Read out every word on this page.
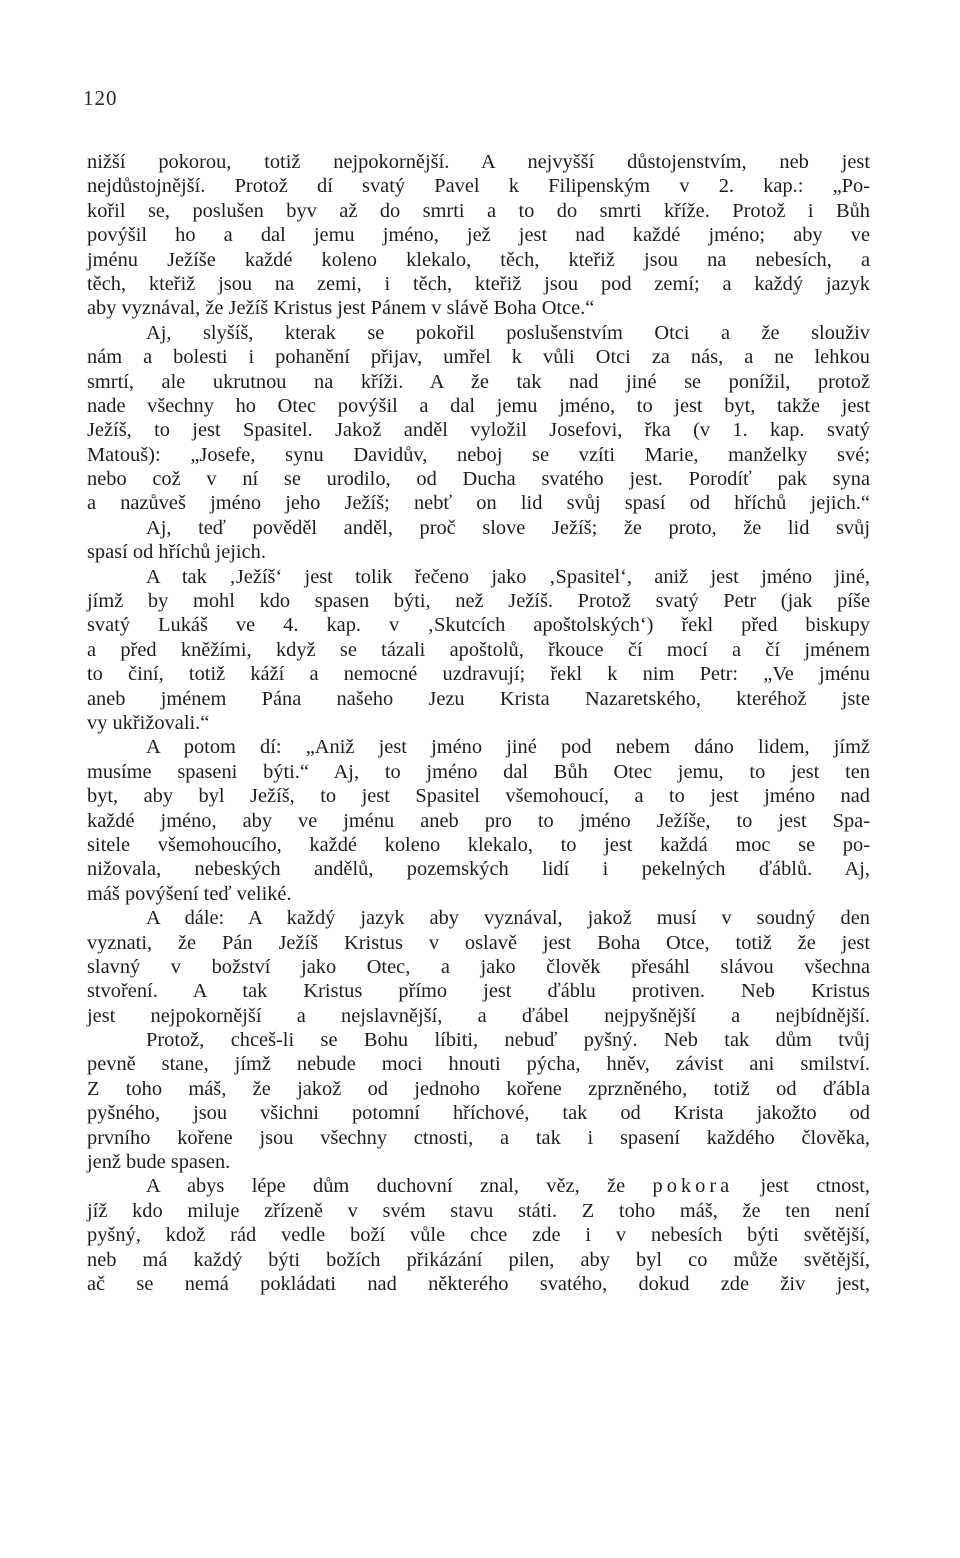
120
nižší pokorou, totiž nejpokornější. A nejvyšší důstojenstvím, neb jest
nejdůstojnější. Protož dí svatý Pavel k Filipenským v 2. kap.: „Po-
kořil se, poslušen byv až do smrti a to do smrti kříže. Protož i Bůh
povýšil ho a dal jemu jméno, jež jest nad každé jméno; aby ve
jménu Ježíše každé koleno klekalo, těch, kteřiž jsou na nebesích, a
těch, kteřiž jsou na zemi, i těch, kteřiž jsou pod zemí; a každý jazyk
aby vyznával, že Ježíš Kristus jest Pánem v slávě Boha Otce.“
Aj, slyšíš, kterak se pokořil poslušenstvím Otci a že slouživ
nám a bolesti i pohanění přijav, umřel k vůli Otci za nás, a ne lehkou
smrtí, ale ukrutnou na kříži. A že tak nad jiné se ponížil, protož
nade všechny ho Otec povýšil a dal jemu jméno, to jest byt, takže jest
Ježíš, to jest Spasitel. Jakož anděl vyložil Josefovi, řka (v 1. kap. svatý
Matouš): „Josefe, synu Davidův, neboj se vzíti Marie, manželky své;
nebo což v ní se urodilo, od Ducha svatého jest. Porodíť pak syna
a nazůveš jméno jeho Ježíš; nebť on lid svůj spasí od hříchů jejich.“
Aj, teď pověděl anděl, proč slove Ježíš; že proto, že lid svůj
spasí od hříchů jejich.
A tak ‚Ježíš‘ jest tolik řečeno jako ‚Spasitel‘, aniž jest jméno jiné,
jímž by mohl kdo spasen býti, než Ježíš. Protož svatý Petr (jak píše
svatý Lukáš ve 4. kap. v ‚Skutcích apoštolských‘) řekl před biskupy
a před kněžími, když se tázali apoštolů, řkouce čí mocí a čí jménem
to činí, totiž káží a nemocné uzdravují; řekl k nim Petr: „Ve jménu
aneb jménem Pána našeho Jezu Krista Nazaretského, kteréhož jste
vy ukřižovali.“
A potom dí: „Aniž jest jméno jiné pod nebem dáno lidem, jímž
musíme spaseni býti.“ Aj, to jméno dal Bůh Otec jemu, to jest ten
byt, aby byl Ježíš, to jest Spasitel všemohoucí, a to jest jméno nad
každé jméno, aby ve jménu aneb pro to jméno Ježíše, to jest Spa-
sitele všemohoucího, každé koleno klekalo, to jest každá moc se po-
nižovala, nebeských andělů, pozemských lidí i pekelných ďáblů. Aj,
máš povýšení teď veliké.
A dále: A každý jazyk aby vyznával, jakož musí v soudný den
vyznati, že Pán Ježíš Kristus v oslavě jest Boha Otce, totiž že jest
slavný v božství jako Otec, a jako člověk přesáhl slávou všechna
stvoření. A tak Kristus přímo jest ďáblu protiven. Neb Kristus
jest nejpokornější a nejslavnější, a ďábel nejpyšnější a nejbídnější.
Protož, chceš-li se Bohu líbiti, nebuď pyšný. Neb tak dům tvůj
pevně stane, jímž nebude moci hnouti pýcha, hněv, závist ani smilství.
Z toho máš, že jakož od jednoho kořene zprzněného, totiž od ďábla
pyšného, jsou všichni potomní hříchové, tak od Krista jakožto od
prvního kořene jsou všechny ctnosti, a tak i spasení každého člověka,
jenž bude spasen.
A abys lépe dům duchovní znal, věz, že pokora jest ctnost,
jíž kdo miluje zřízeně v svém stavu státi. Z toho máš, že ten není
pyšný, kdož rád vedle boží vůle chce zde i v nebesích býti světější,
neb má každý býti božích přikázání pilen, aby byl co může světější,
ač se nemá pokládati nad některého svatého, dokud zde živ jest,
